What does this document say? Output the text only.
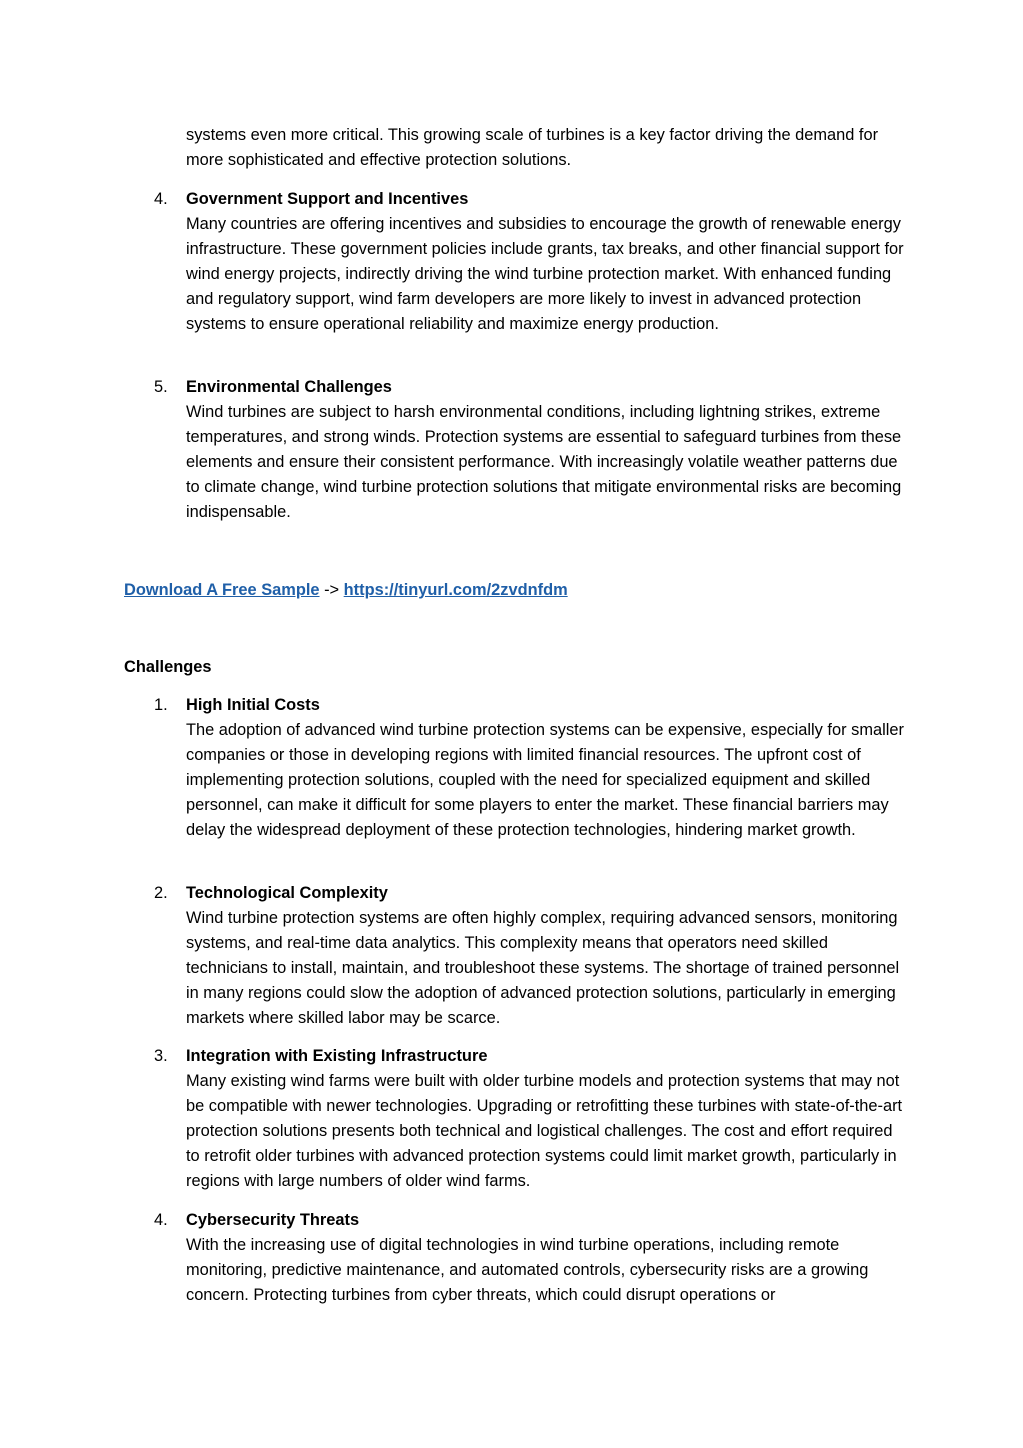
systems even more critical. This growing scale of turbines is a key factor driving the demand for more sophisticated and effective protection solutions.
4.	Government Support and Incentives
Many countries are offering incentives and subsidies to encourage the growth of renewable energy infrastructure. These government policies include grants, tax breaks, and other financial support for wind energy projects, indirectly driving the wind turbine protection market. With enhanced funding and regulatory support, wind farm developers are more likely to invest in advanced protection systems to ensure operational reliability and maximize energy production.
5.	Environmental Challenges
Wind turbines are subject to harsh environmental conditions, including lightning strikes, extreme temperatures, and strong winds. Protection systems are essential to safeguard turbines from these elements and ensure their consistent performance. With increasingly volatile weather patterns due to climate change, wind turbine protection solutions that mitigate environmental risks are becoming indispensable.
Download A Free Sample -> https://tinyurl.com/2zvdnfdm
Challenges
1.	High Initial Costs
The adoption of advanced wind turbine protection systems can be expensive, especially for smaller companies or those in developing regions with limited financial resources. The upfront cost of implementing protection solutions, coupled with the need for specialized equipment and skilled personnel, can make it difficult for some players to enter the market. These financial barriers may delay the widespread deployment of these protection technologies, hindering market growth.
2.	Technological Complexity
Wind turbine protection systems are often highly complex, requiring advanced sensors, monitoring systems, and real-time data analytics. This complexity means that operators need skilled technicians to install, maintain, and troubleshoot these systems. The shortage of trained personnel in many regions could slow the adoption of advanced protection solutions, particularly in emerging markets where skilled labor may be scarce.
3.	Integration with Existing Infrastructure
Many existing wind farms were built with older turbine models and protection systems that may not be compatible with newer technologies. Upgrading or retrofitting these turbines with state-of-the-art protection solutions presents both technical and logistical challenges. The cost and effort required to retrofit older turbines with advanced protection systems could limit market growth, particularly in regions with large numbers of older wind farms.
4.	Cybersecurity Threats
With the increasing use of digital technologies in wind turbine operations, including remote monitoring, predictive maintenance, and automated controls, cybersecurity risks are a growing concern. Protecting turbines from cyber threats, which could disrupt operations or
